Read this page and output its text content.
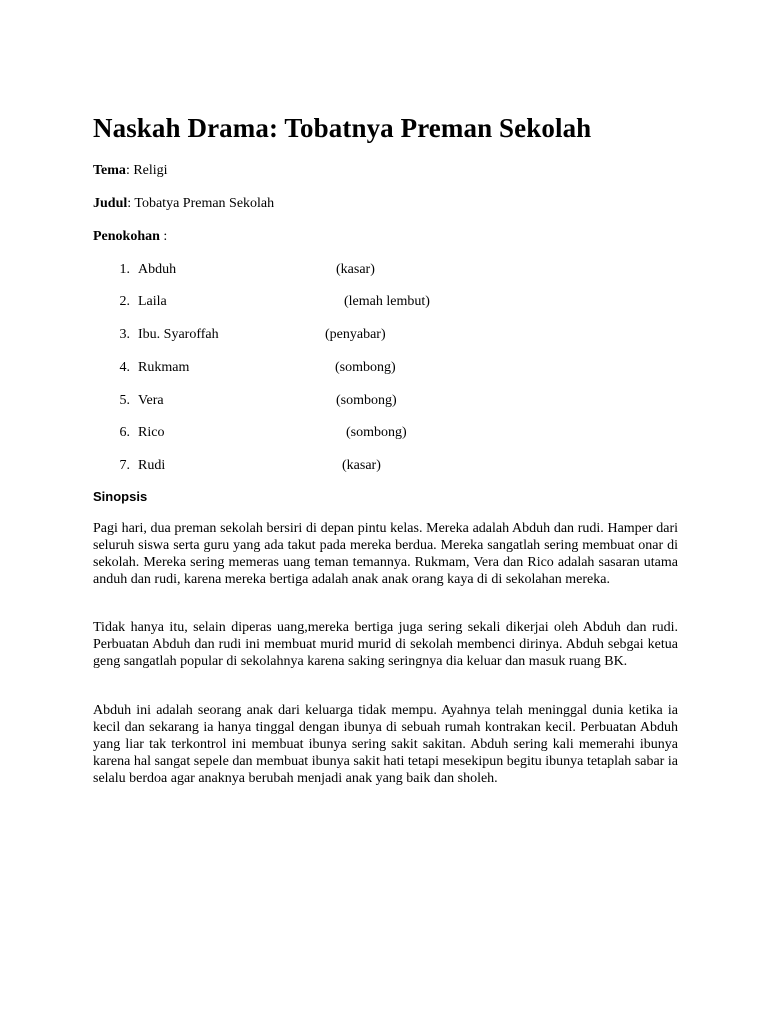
Naskah Drama: Tobatnya Preman Sekolah
Tema: Religi
Judul: Tobatya Preman Sekolah
Penokohan :
1. Abduh	(kasar)
2. Laila	(lemah lembut)
3. Ibu. Syaroffah	(penyabar)
4. Rukmam	(sombong)
5. Vera	(sombong)
6. Rico	(sombong)
7. Rudi	(kasar)
Sinopsis

Pagi hari, dua preman sekolah bersiri di depan pintu kelas. Mereka adalah Abduh dan rudi. Hamper dari seluruh siswa serta guru yang ada takut pada mereka berdua. Mereka sangatlah sering membuat onar di sekolah. Mereka sering memeras uang teman temannya. Rukmam, Vera dan Rico adalah sasaran utama anduh dan rudi, karena mereka bertiga adalah anak anak orang kaya di di sekolahan mereka.

Tidak hanya itu, selain diperas uang,mereka bertiga juga sering sekali dikerjai oleh Abduh dan rudi. Perbuatan Abduh dan rudi ini membuat murid murid di sekolah membenci dirinya. Abduh sebgai ketua geng sangatlah popular di sekolahnya karena saking seringnya dia keluar dan masuk ruang BK.

Abduh ini adalah seorang anak dari keluarga tidak mempu. Ayahnya telah meninggal dunia ketika ia kecil dan sekarang ia hanya tinggal dengan ibunya di sebuah rumah kontrakan kecil. Perbuatan Abduh yang liar tak terkontrol ini membuat ibunya sering sakit sakitan. Abduh sering kali memerahi ibunya karena hal sangat sepele dan membuat ibunya sakit hati tetapi mesekipun begitu ibunya tetaplah sabar ia selalu berdoa agar anaknya berubah menjadi anak yang baik dan sholeh.
